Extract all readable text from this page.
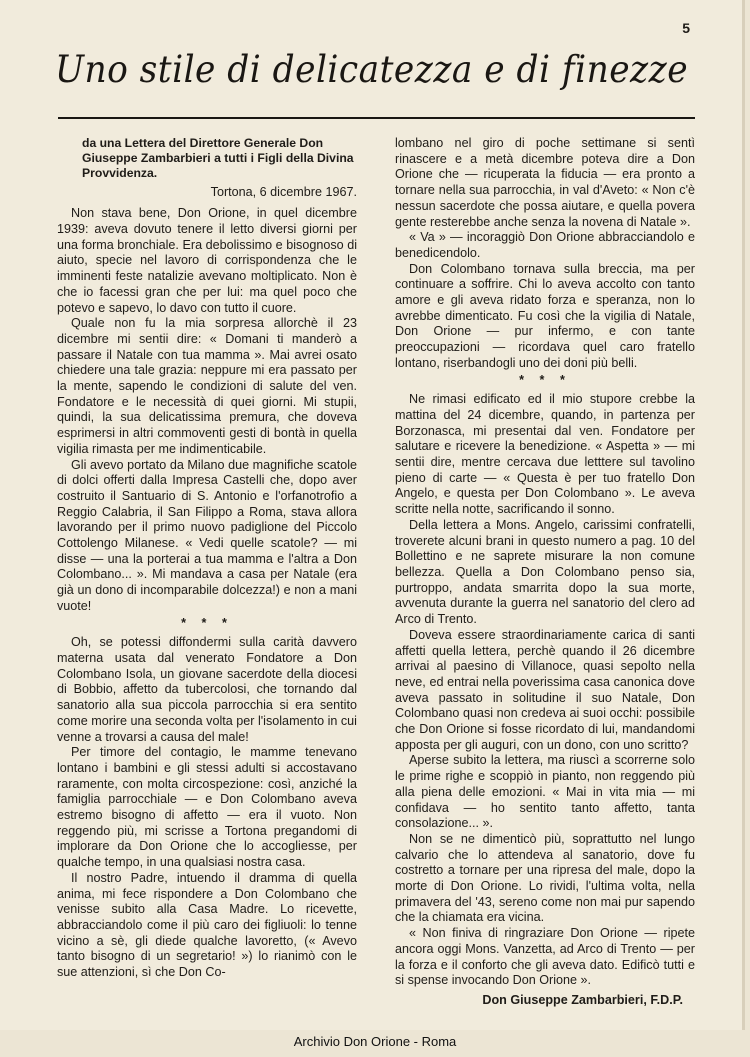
5
Uno stile di delicatezza e di finezze

da una Lettera del Direttore Generale Don Giuseppe Zambarbieri a tutti i Figli della Divina Provvidenza.

Tortona, 6 dicembre 1967.

Non stava bene, Don Orione, in quel dicembre 1939: aveva dovuto tenere il letto diversi giorni per una forma bronchiale. Era debolissimo e bisognoso di aiuto, specie nel lavoro di corrispondenza che le imminenti feste natalizie avevano moltiplicato. Non è che io facessi gran che per lui: ma quel poco che potevo e sapevo, lo davo con tutto il cuore.

Quale non fu la mia sorpresa allorchè il 23 dicembre mi sentii dire: « Domani ti manderò a passare il Natale con tua mamma ». Mai avrei osato chiedere una tale grazia: neppure mi era passato per la mente, sapendo le condizioni di salute del ven. Fondatore e le necessità di quei giorni. Mi stupii, quindi, la sua delicatissima premura, che doveva esprimersi in altri commoventi gesti di bontà in quella vigilia rimasta per me indimenticabile.

Gli avevo portato da Milano due magnifiche scatole di dolci offerti dalla Impresa Castelli che, dopo aver costruito il Santuario di S. Antonio e l'orfanotrofio a Reggio Calabria, il San Filippo a Roma, stava allora lavorando per il primo nuovo padiglione del Piccolo Cottolengo Milanese. « Vedi quelle scatole? — mi disse — una la porterai a tua mamma e l'altra a Don Colombano... ». Mi mandava a casa per Natale (era già un dono di incomparabile dolcezza!) e non a mani vuote!

* * *

Oh, se potessi diffondermi sulla carità davvero materna usata dal venerato Fondatore a Don Colombano Isola, un giovane sacerdote della diocesi di Bobbio, affetto da tubercolosi, che tornando dal sanatorio alla sua piccola parrocchia si era sentito come morire una seconda volta per l'isolamento in cui venne a trovarsi a causa del male!

Per timore del contagio, le mamme tenevano lontano i bambini e gli stessi adulti si accostavano raramente, con molta circospezione: così, anziché la famiglia parrocchiale — e Don Colombano aveva estremo bisogno di affetto — era il vuoto. Non reggendo più, mi scrisse a Tortona pregandomi di implorare da Don Orione che lo accogliesse, per qualche tempo, in una qualsiasi nostra casa.

Il nostro Padre, intuendo il dramma di quella anima, mi fece rispondere a Don Colombano che venisse subito alla Casa Madre. Lo ricevette, abbracciandolo come il più caro dei figliuoli: lo tenne vicino a sè, gli diede qualche lavoretto, (« Avevo tanto bisogno di un segretario! ») lo rianimò con le sue attenzioni, sì che Don Co-

lombano nel giro di poche settimane si sentì rinascere e a metà dicembre poteva dire a Don Orione che — ricuperata la fiducia — era pronto a tornare nella sua parrocchia, in val d'Aveto: « Non c'è nessun sacerdote che possa aiutare, e quella povera gente resterebbe anche senza la novena di Natale ».

« Va » — incoraggiò Don Orione abbracciandolo e benedicendolo.

Don Colombano tornava sulla breccia, ma per continuare a soffrire. Chi lo aveva accolto con tanto amore e gli aveva ridato forza e speranza, non lo avrebbe dimenticato. Fu così che la vigilia di Natale, Don Orione — pur infermo, e con tante preoccupazioni — ricordava quel caro fratello lontano, riserbandogli uno dei doni più belli.

* * *

Ne rimasi edificato ed il mio stupore crebbe la mattina del 24 dicembre, quando, in partenza per Borzonasca, mi presentai dal ven. Fondatore per salutare e ricevere la benedizione. « Aspetta » — mi sentii dire, mentre cercava due letttere sul tavolino pieno di carte — « Questa è per tuo fratello Don Angelo, e questa per Don Colombano ». Le aveva scritte nella notte, sacrificando il sonno.

Della lettera a Mons. Angelo, carissimi confratelli, troverete alcuni brani in questo numero a pag. 10 del Bollettino e ne saprete misurare la non comune bellezza. Quella a Don Colombano penso sia, purtroppo, andata smarrita dopo la sua morte, avvenuta durante la guerra nel sanatorio del clero ad Arco di Trento.

Doveva essere straordinariamente carica di santi affetti quella lettera, perchè quando il 26 dicembre arrivai al paesino di Villanoce, quasi sepolto nella neve, ed entrai nella poverissima casa canonica dove aveva passato in solitudine il suo Natale, Don Colombano quasi non credeva ai suoi occhi: possibile che Don Orione si fosse ricordato di lui, mandandomi apposta per gli auguri, con un dono, con uno scritto?

Aperse subito la lettera, ma riuscì a scorrerne solo le prime righe e scoppiò in pianto, non reggendo più alla piena delle emozioni. « Mai in vita mia — mi confidava — ho sentito tanto affetto, tanta consolazione... ».

Non se ne dimenticò più, soprattutto nel lungo calvario che lo attendeva al sanatorio, dove fu costretto a tornare per una ripresa del male, dopo la morte di Don Orione. Lo rividi, l'ultima volta, nella primavera del '43, sereno come non mai pur sapendo che la chiamata era vicina.

« Non finiva di ringraziare Don Orione — ripete ancora oggi Mons. Vanzetta, ad Arco di Trento — per la forza e il conforto che gli aveva dato. Edificò tutti e si spense invocando Don Orione ».

Don Giuseppe Zambarbieri, F.D.P.

Archivio Don Orione - Roma
